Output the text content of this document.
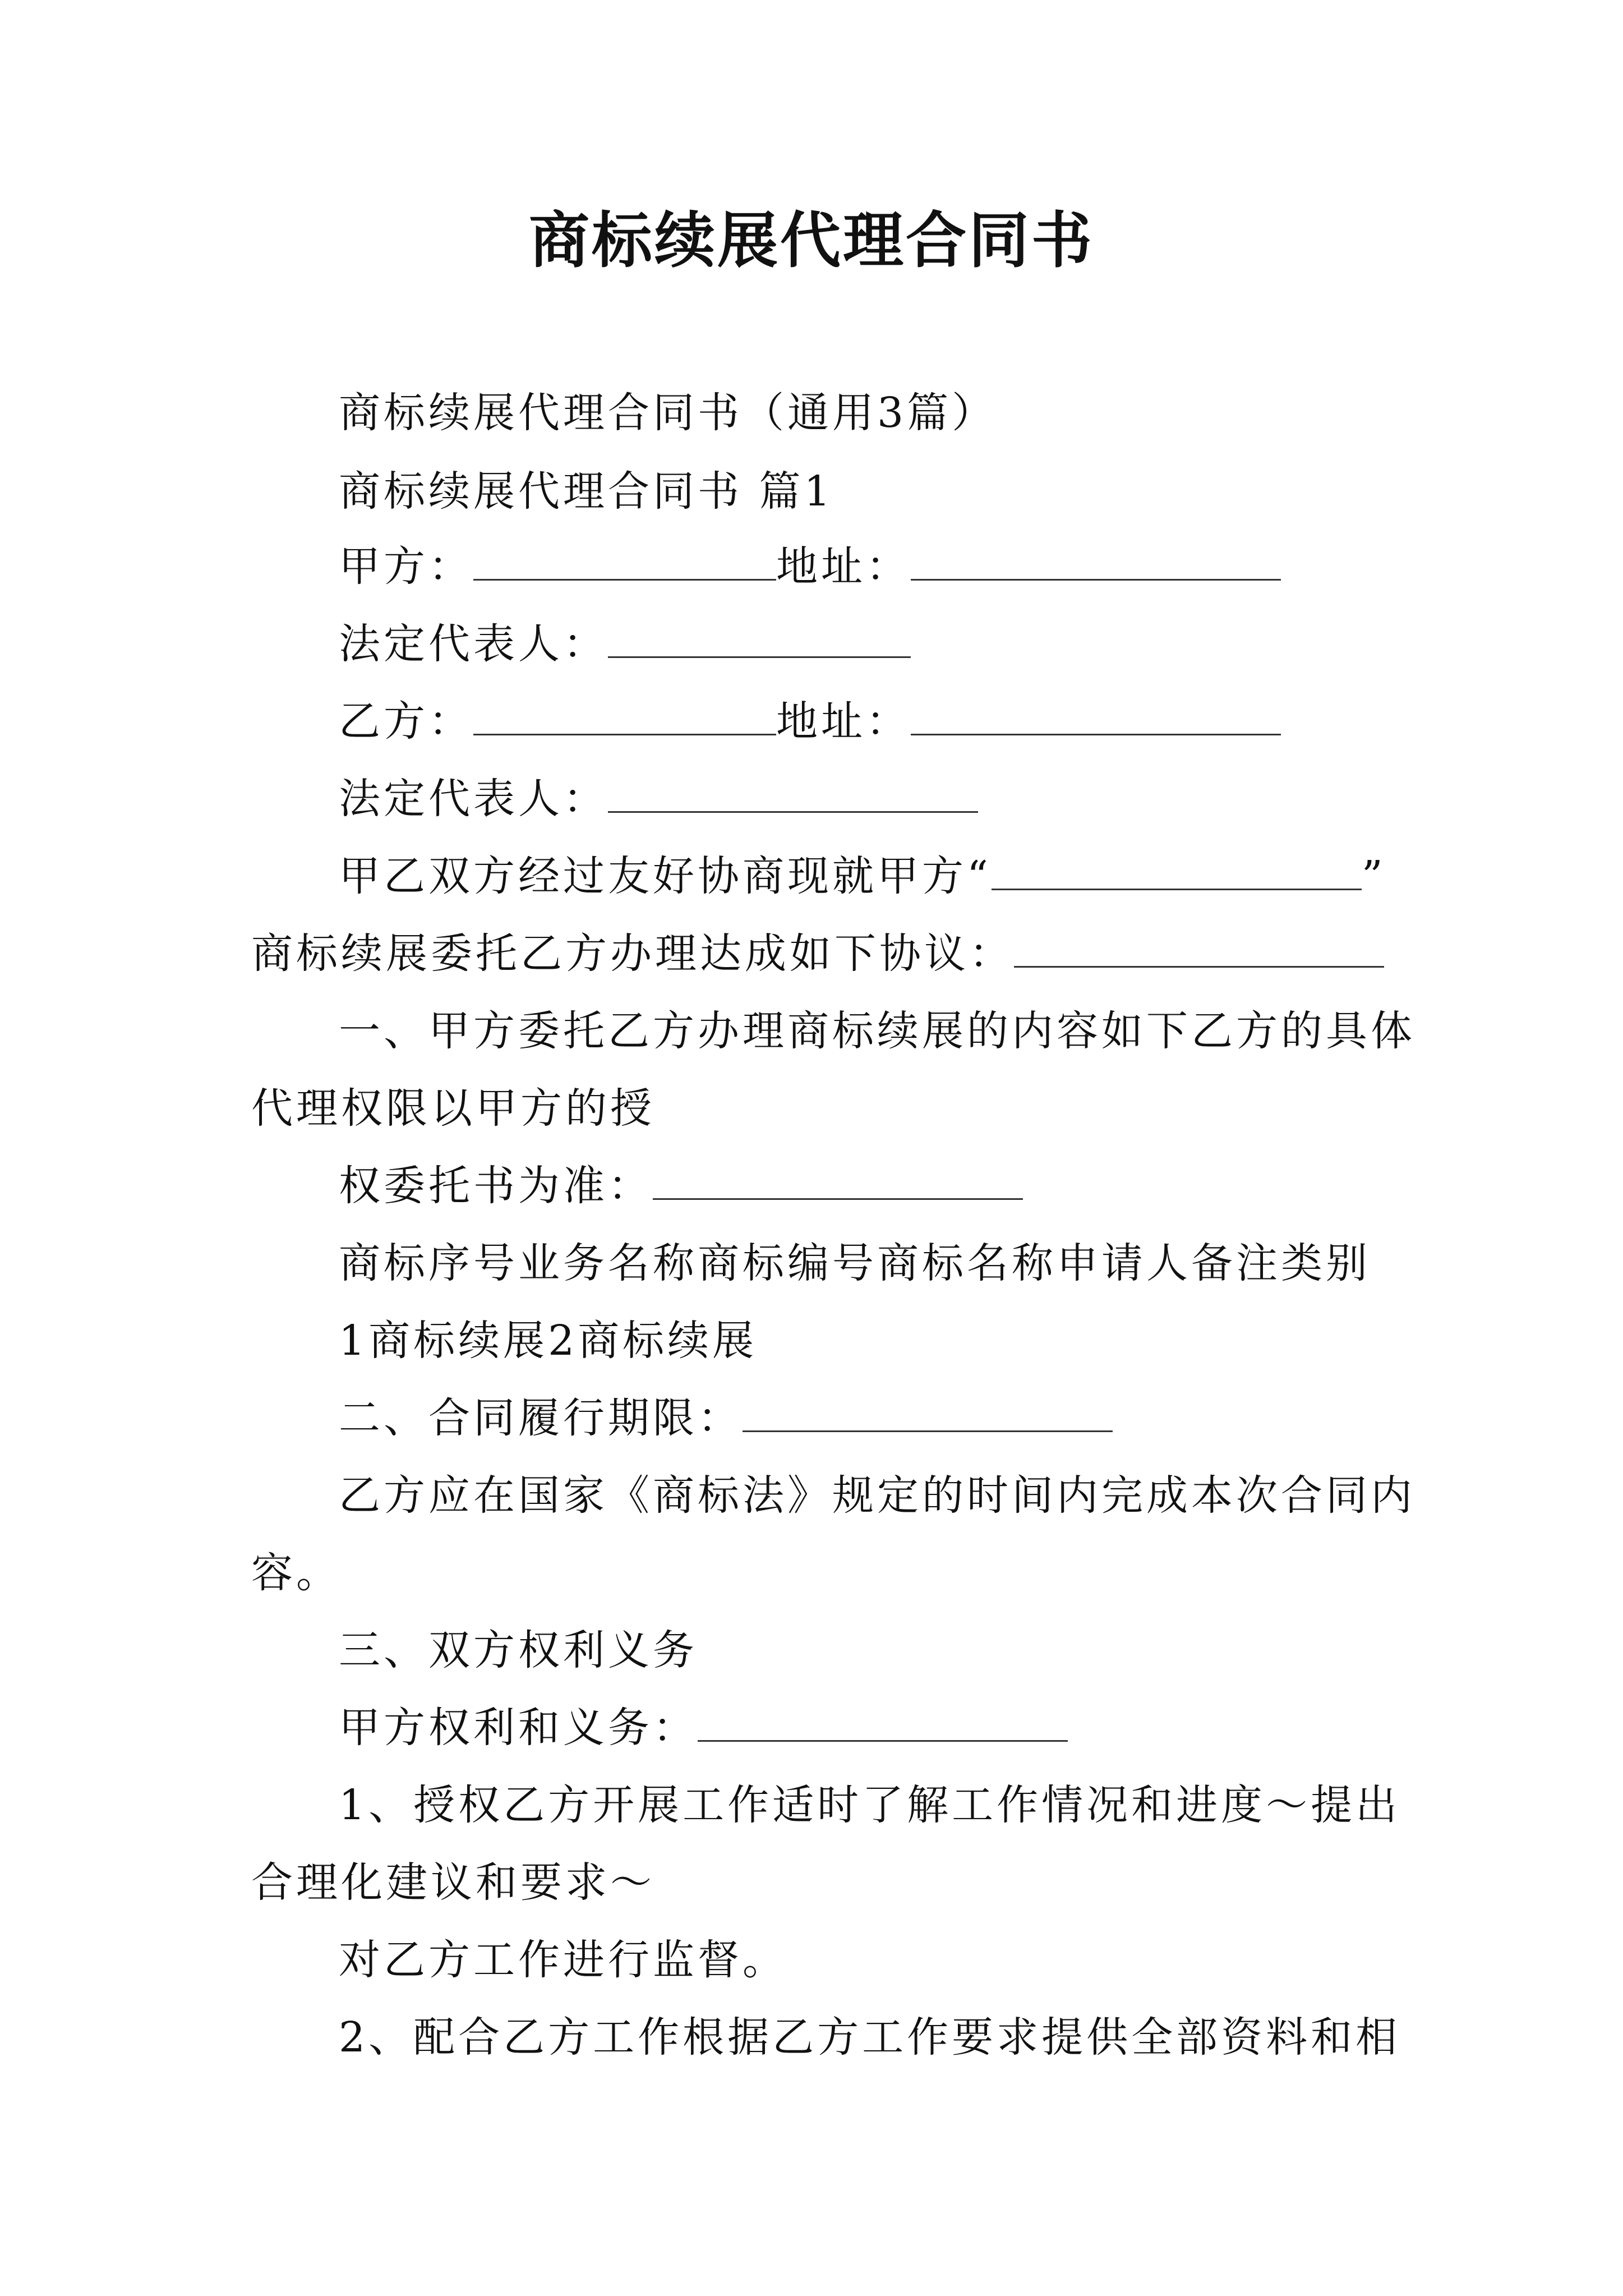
商标续展代理合同书
商标续展代理合同书（通用3篇）
商标续展代理合同书 篇1
甲方：	地址：
法定代表人：
乙方：	地址：
法定代表人：
甲乙双方经过友好协商现就甲方“	”
商标续展委托乙方办理达成如下协议：
一、甲方委托乙方办理商标续展的内容如下乙方的具体
代理权限以甲方的授
权委托书为准：
商标序号业务名称商标编号商标名称申请人备注类别
1商标续展2商标续展
二、合同履行期限：
乙方应在国家《商标法》规定的时间内完成本次合同内
容。
三、双方权利义务
甲方权利和义务：
1、授权乙方开展工作适时了解工作情况和进度～提出
合理化建议和要求～
对乙方工作进行监督。
2、配合乙方工作根据乙方工作要求提供全部资料和相
